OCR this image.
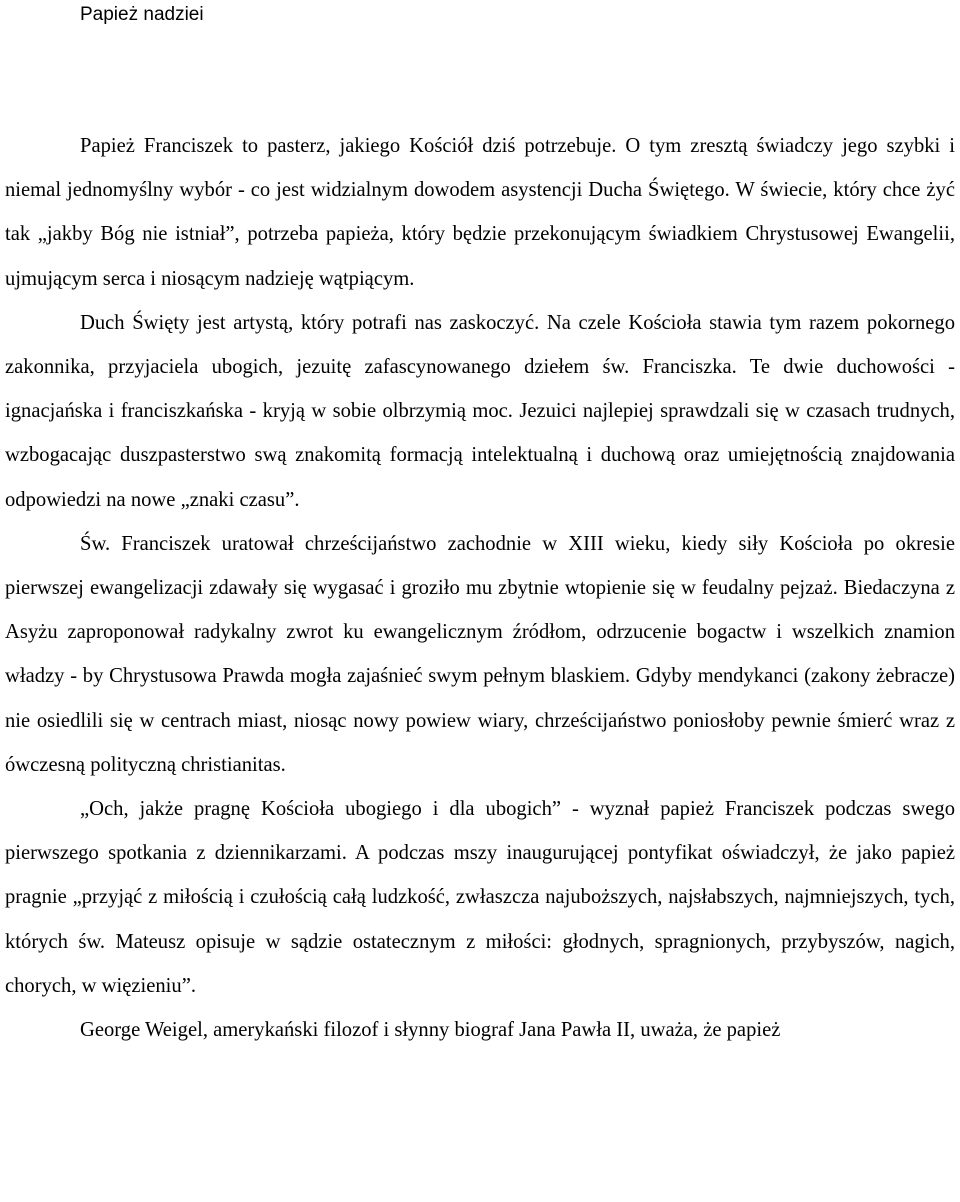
Papież nadziei

Papież Franciszek to pasterz, jakiego Kościół dziś potrzebuje. O tym zresztą świadczy jego szybki i niemal jednomyślny wybór - co jest widzialnym dowodem asystencji Ducha Świętego. W świecie, który chce żyć tak „jakby Bóg nie istniał”, potrzeba papieża, który będzie przekonującym świadkiem Chrystusowej Ewangelii, ujmującym serca i niosącym nadzieję wątpiącym.

Duch Święty jest artystą, który potrafi nas zaskoczyć. Na czele Kościoła stawia tym razem pokornego zakonnika, przyjaciela ubogich, jezuitę zafascynowanego dziełem św. Franciszka. Te dwie duchowości - ignacjańska i franciszkańska - kryją w sobie olbrzymią moc. Jezuici najlepiej sprawdzali się w czasach trudnych, wzbogacając duszpasterstwo swą znakomitą formacją intelektualną i duchową oraz umiejętnością znajdowania odpowiedzi na nowe „znaki czasu”.

Św. Franciszek uratował chrześcijaństwo zachodnie w XIII wieku, kiedy siły Kościoła po okresie pierwszej ewangelizacji zdawały się wygasać i groziło mu zbytnie wtopienie się w feudalny pejzaż. Biedaczyna z Asyżu zaproponował radykalny zwrot ku ewangelicznym źródłom, odrzucenie bogactw i wszelkich znamion władzy - by Chrystusowa Prawda mogła zajaśnieć swym pełnym blaskiem. Gdyby mendykanci (zakony żebracze) nie osiedlili się w centrach miast, niosąc nowy powiew wiary, chrześcijaństwo poniosłoby pewnie śmierć wraz z ówczesną polityczną christianitas.

„Och, jakże pragnę Kościoła ubogiego i dla ubogich” - wyznał papież Franciszek podczas swego pierwszego spotkania z dziennikarzami. A podczas mszy inaugurującej pontyfikat oświadczył, że jako papież pragnie „przyjąć z miłością i czułością całą ludzkość, zwłaszcza najuboższych, najsłabszych, najmniejszych, tych, których św. Mateusz opisuje w sądzie ostatecznym z miłości: głodnych, spragnionych, przybyszów, nagich, chorych, w więzieniu”.

George Weigel, amerykański filozof i słynny biograf Jana Pawła II, uważa, że papież
